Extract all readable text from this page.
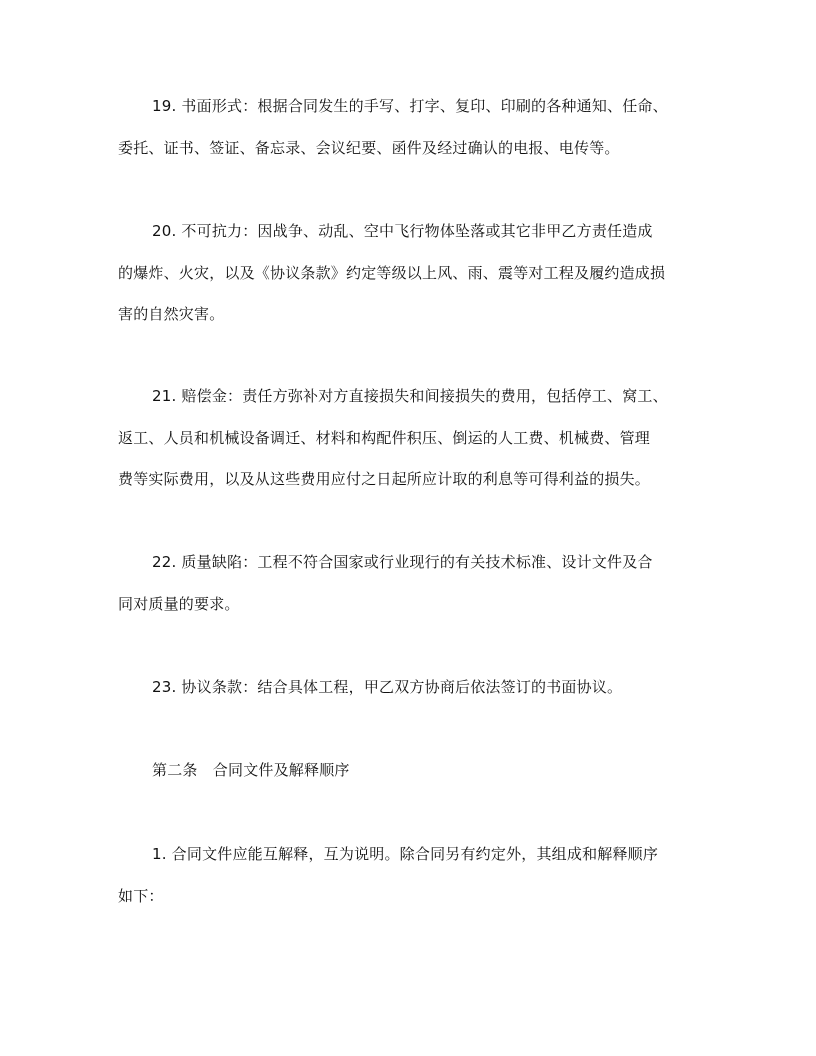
19. 书面形式：根据合同发生的手写、打字、复印、印刷的各种通知、任命、
委托、证书、签证、备忘录、会议纪要、函件及经过确认的电报、电传等。
20. 不可抗力：因战争、动乱、空中飞行物体坠落或其它非甲乙方责任造成
的爆炸、火灾，以及《协议条款》约定等级以上风、雨、震等对工程及履约造成损
害的自然灾害。
21. 赔偿金：责任方弥补对方直接损失和间接损失的费用，包括停工、窝工、
返工、人员和机械设备调迁、材料和构配件积压、倒运的人工费、机械费、管理
费等实际费用，以及从这些费用应付之日起所应计取的利息等可得利益的损失。
22. 质量缺陷：工程不符合国家或行业现行的有关技术标准、设计文件及合
同对质量的要求。
23. 协议条款：结合具体工程，甲乙双方协商后依法签订的书面协议。
第二条　合同文件及解释顺序
1. 合同文件应能互解释，互为说明。除合同另有约定外，其组成和解释顺序
如下：
